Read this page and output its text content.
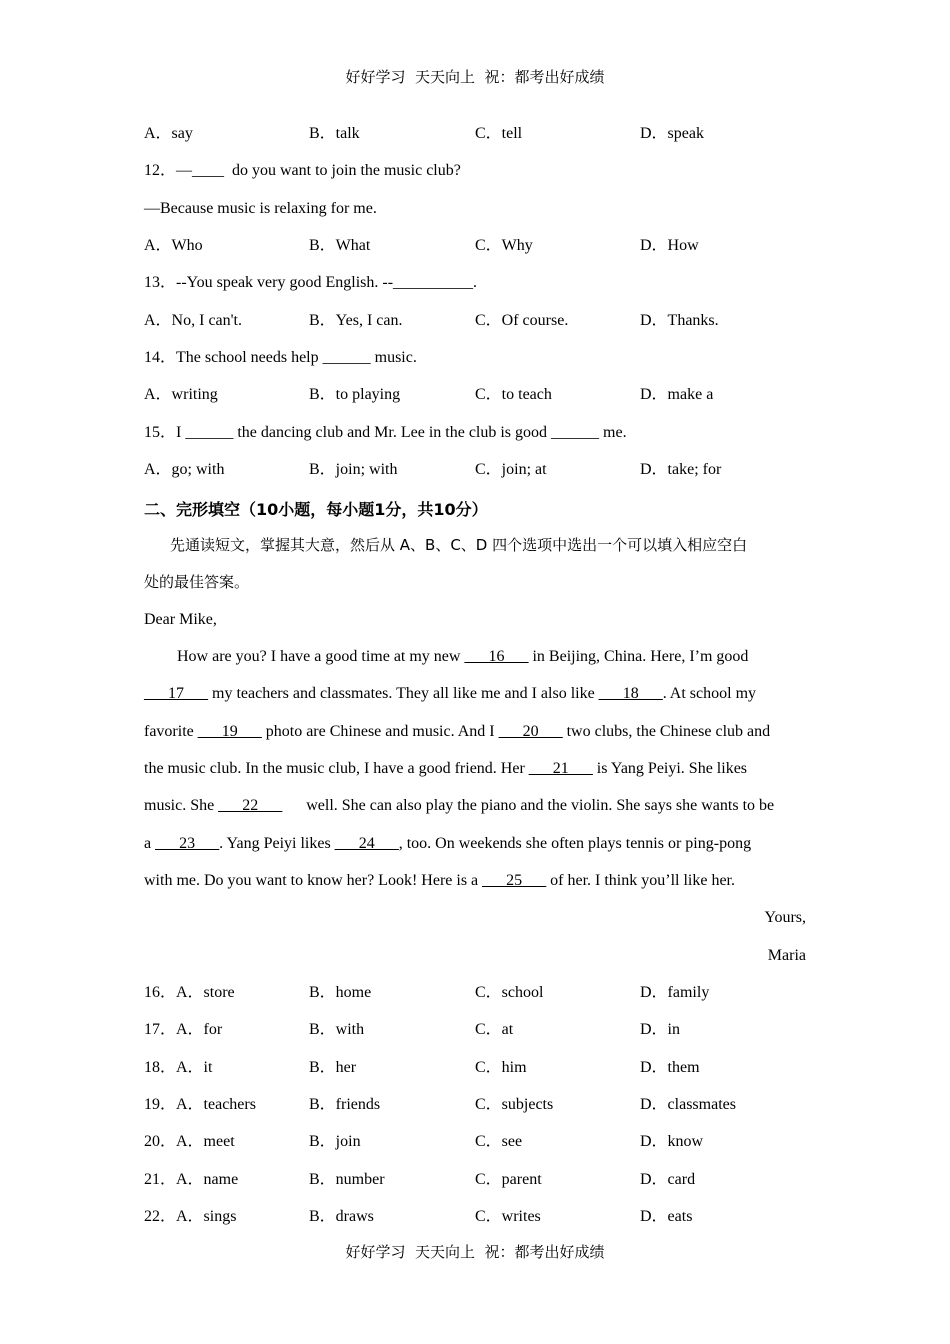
好好学习  天天向上  祝：都考出好成绩
A．say	B．talk	C．tell	D．speak
12．—____  do you want to join the music club?
—Because music is relaxing for me.
A．Who	B．What	C．Why	D．How
13．--You speak very good English. --__________.
A．No, I can't.	B．Yes, I can.	C．Of course.	D．Thanks.
14．The school needs help ______ music.
A．writing	B．to playing	C．to teach	D．make a
15．I ______ the dancing club and Mr. Lee in the club is good ______ me.
A．go; with	B．join; with	C．join; at	D．take; for
二、完形填空（10小题，每小题1分，共10分）
先通读短文，掌握其大意，然后从 A、B、C、D 四个选项中选出一个可以填入相应空白
处的最佳答案。
Dear Mike,
How are you? I have a good time at my new ___16___ in Beijing, China. Here, I’m good
___17___ my teachers and classmates. They all like me and I also like ___18___. At school my
favorite ___19___ photo are Chinese and music. And I ___20___ two clubs, the Chinese club and
the music club. In the music club, I have a good friend. Her ___21___ is Yang Peiyi. She likes
music. She ___22___      well. She can also play the piano and the violin. She says she wants to be
a ___23___. Yang Peiyi likes ___24___, too. On weekends she often plays tennis or ping-pong
with me. Do you want to know her? Look! Here is a ___25___ of her. I think you’ll like her.
Yours,
Maria
16．A．store	B．home	C．school	D．family
17．A．for	B．with	C．at	D．in
18．A．it	B．her	C．him	D．them
19．A．teachers	B．friends	C．subjects	D．classmates
20．A．meet	B．join	C．see	D．know
21．A．name	B．number	C．parent	D．card
22．A．sings	B．draws	C．writes	D．eats
好好学习  天天向上  祝：都考出好成绩
